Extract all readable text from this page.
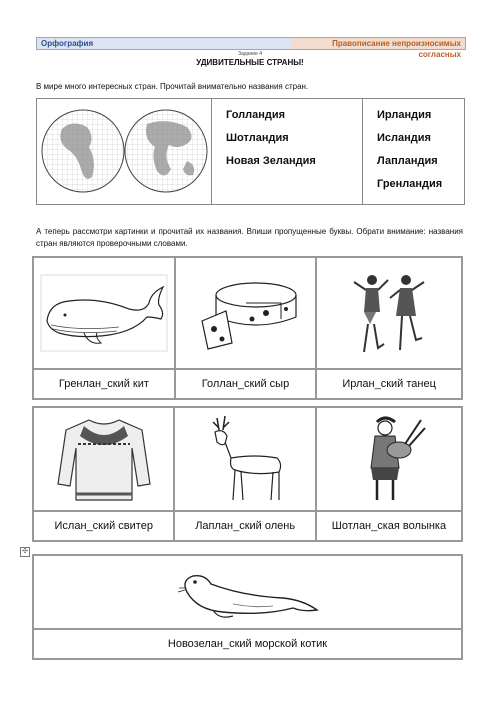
Орфография	Правописание непроизносимых согласных
Задание 4
УДИВИТЕЛЬНЫЕ СТРАНЫ!
В мире много интересных стран. Прочитай внимательно названия стран.
Голландия
Шотландия
Новая Зеландия
Ирландия
Исландия
Лапландия
Гренландия
А теперь рассмотри картинки и прочитай их названия. Впиши пропущенные буквы. Обрати внимание: названия стран являются проверочными словами.

Гренлан_ский кит	Голлан_ский сыр	Ирлан_ский танец

Ислан_ский свитер	Лаплан_ский олень	Шотлан_ская волынка
✣

Новозелан_ский морской котик
